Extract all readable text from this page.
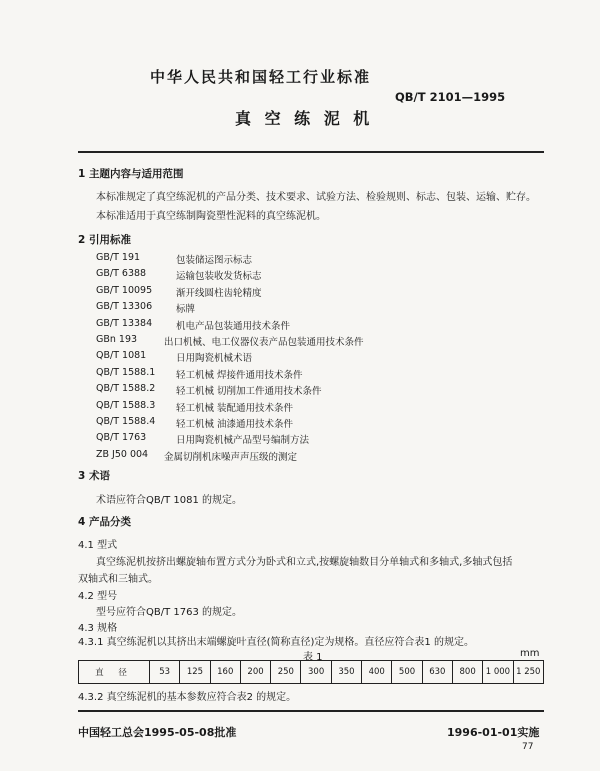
中华人民共和国轻工行业标准
QB/T 2101—1995
真 空 练 泥 机
1 主题内容与适用范围
本标准规定了真空练泥机的产品分类、技术要求、试验方法、检验规则、标志、包装、运输、贮存。
本标准适用于真空练制陶瓷塑性泥料的真空练泥机。
2 引用标准
GB/T 191	包装储运图示标志
GB/T 6388	运输包装收发货标志
GB/T 10095	渐开线圆柱齿轮精度
GB/T 13306	标牌
GB/T 13384	机电产品包装通用技术条件
GBn 193	出口机械、电工仪器仪表产品包装通用技术条件
QB/T 1081	日用陶瓷机械术语
QB/T 1588.1	轻工机械 焊接件通用技术条件
QB/T 1588.2	轻工机械 切削加工件通用技术条件
QB/T 1588.3	轻工机械 装配通用技术条件
QB/T 1588.4	轻工机械 油漆通用技术条件
QB/T 1763	日用陶瓷机械产品型号编制方法
ZB J50 004	金属切削机床噪声声压级的测定
3 术语
术语应符合QB/T 1081 的规定。
4 产品分类
4.1 型式
真空练泥机按挤出螺旋轴布置方式分为卧式和立式,按螺旋轴数目分单轴式和多轴式,多轴式包括
双轴式和三轴式。
4.2 型号
型号应符合QB/T 1763 的规定。
4.3 规格
4.3.1 真空练泥机以其挤出末端螺旋叶直径(简称直径)定为规格。直径应符合表1 的规定。
表 1	mm
直 径	53	125	160	200	250	300	350	400	500	630	800	1 000	1 250
4.3.2 真空练泥机的基本参数应符合表2 的规定。
中国轻工总会1995-05-08批准	1996-01-01实施
77
